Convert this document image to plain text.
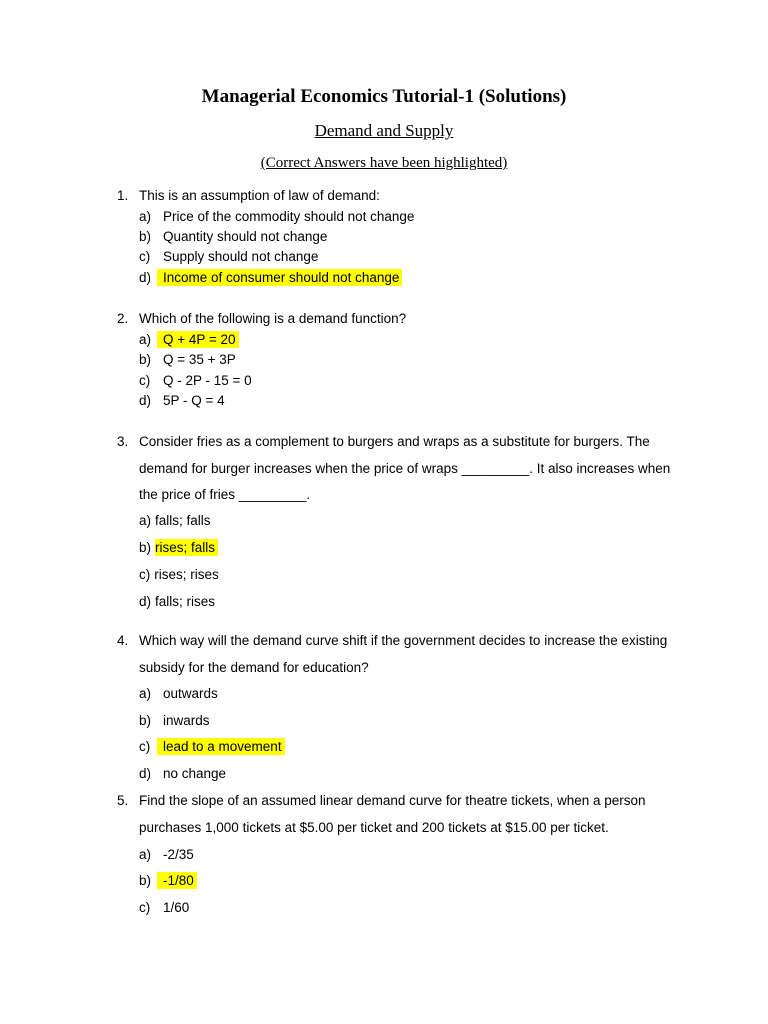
Managerial Economics Tutorial-1 (Solutions)
Demand and Supply
(Correct Answers have been highlighted)
1. This is an assumption of law of demand:
a) Price of the commodity should not change
b) Quantity should not change
c) Supply should not change
d) Income of consumer should not change
2. Which of the following is a demand function?
a) Q + 4P = 20
b) Q = 35 + 3P
c) Q - 2P - 15 = 0
d) 5P - Q = 4
3. Consider fries as a complement to burgers and wraps as a substitute for burgers. The demand for burger increases when the price of wraps _________. It also increases when the price of fries _________.
a) falls; falls
b) rises; falls
c) rises; rises
d) falls; rises
4. Which way will the demand curve shift if the government decides to increase the existing subsidy for the demand for education?
a) outwards
b) inwards
c) lead to a movement
d) no change
5. Find the slope of an assumed linear demand curve for theatre tickets, when a person purchases 1,000 tickets at $5.00 per ticket and 200 tickets at $15.00 per ticket.
a) -2/35
b) -1/80
c) 1/60
